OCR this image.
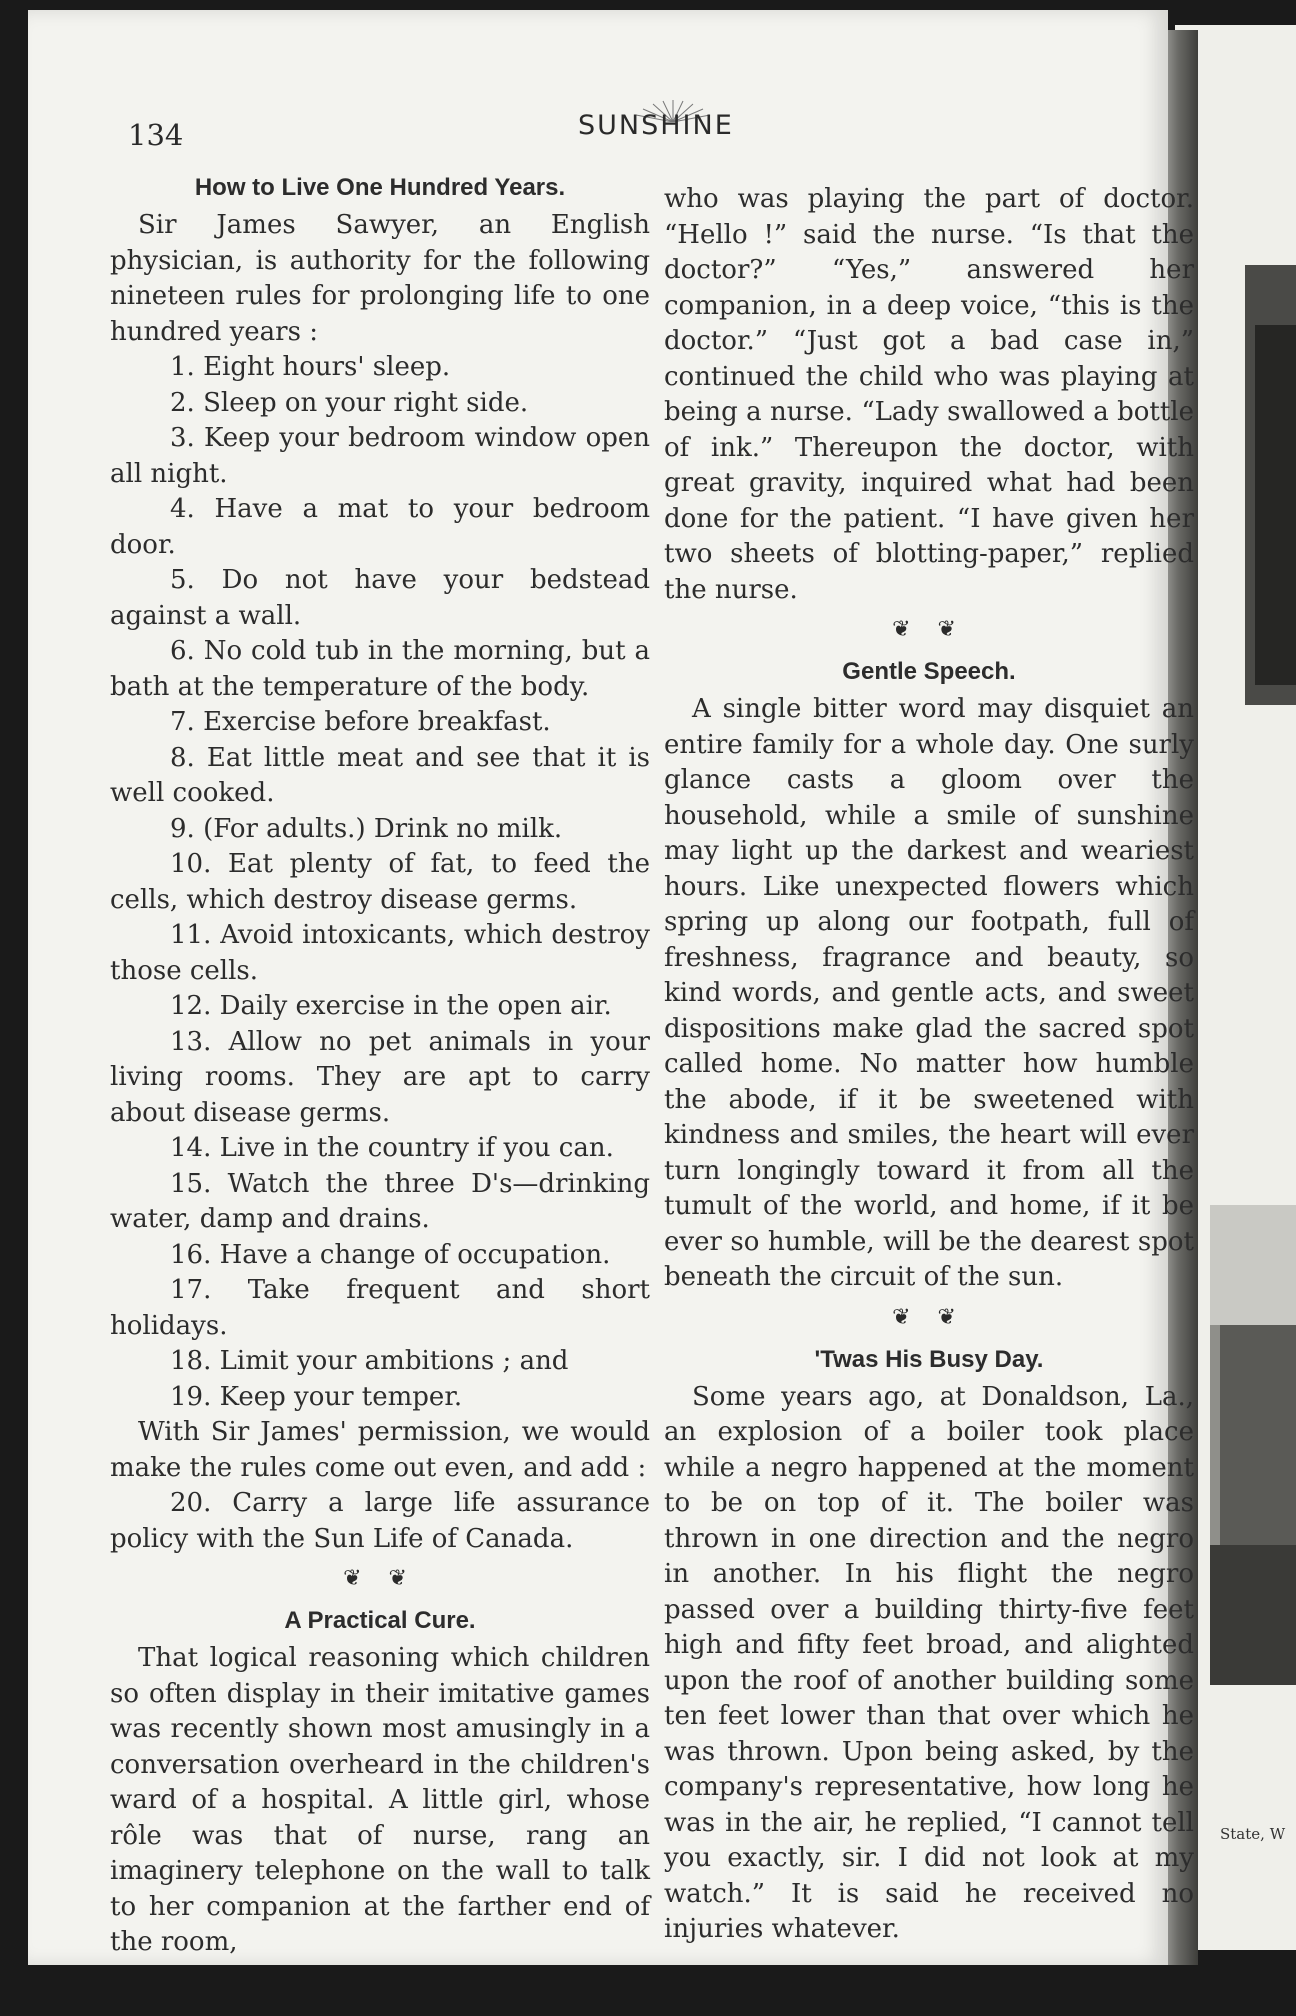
State, W
134	SUNSHINE
How to Live One Hundred Years.

Sir James Sawyer, an English physician, is authority for the following nineteen rules for prolonging life to one hundred years :

1. Eight hours' sleep.

2. Sleep on your right side.

3. Keep your bedroom window open all night.

4. Have a mat to your bedroom door.

5. Do not have your bedstead against a wall.

6. No cold tub in the morning, but a bath at the temperature of the body.

7. Exercise before breakfast.

8. Eat little meat and see that it is well cooked.

9. (For adults.) Drink no milk.

10. Eat plenty of fat, to feed the cells, which destroy disease germs.

11. Avoid intoxicants, which destroy those cells.

12. Daily exercise in the open air.

13. Allow no pet animals in your living rooms. They are apt to carry about disease germs.

14. Live in the country if you can.

15. Watch the three D's—drinking water, damp and drains.

16. Have a change of occupation.

17. Take frequent and short holidays.

18. Limit your ambitions ; and

19. Keep your temper.

With Sir James' permission, we would make the rules come out even, and add :

20. Carry a large life assurance policy with the Sun Life of Canada.

❦ ❦
A Practical Cure.

That logical reasoning which children so often display in their imitative games was recently shown most amusingly in a conversation overheard in the children's ward of a hospital. A little girl, whose rôle was that of nurse, rang an imaginery telephone on the wall to talk to her companion at the farther end of the room,

who was playing the part of doctor. “Hello !” said the nurse. “Is that the doctor?” “Yes,” answered her companion, in a deep voice, “this is the doctor.” “Just got a bad case in,” continued the child who was playing at being a nurse. “Lady swallowed a bottle of ink.” Thereupon the doctor, with great gravity, inquired what had been done for the patient. “I have given her two sheets of blotting-paper,” replied the nurse.

❦ ❦
Gentle Speech.

A single bitter word may disquiet an entire family for a whole day. One surly glance casts a gloom over the household, while a smile of sunshine may light up the darkest and weariest hours. Like unexpected flowers which spring up along our footpath, full of freshness, fragrance and beauty, so kind words, and gentle acts, and sweet dispositions make glad the sacred spot called home. No matter how humble the abode, if it be sweetened with kindness and smiles, the heart will ever turn longingly toward it from all the tumult of the world, and home, if it be ever so humble, will be the dearest spot beneath the circuit of the sun.

❦ ❦
'Twas His Busy Day.

Some years ago, at Donaldson, La., an explosion of a boiler took place while a negro happened at the moment to be on top of it. The boiler was thrown in one direction and the negro in another. In his flight the negro passed over a building thirty-five feet high and fifty feet broad, and alighted upon the roof of another building some ten feet lower than that over which he was thrown. Upon being asked, by the company's representative, how long he was in the air, he replied, “I cannot tell you exactly, sir. I did not look at my watch.” It is said he received no injuries whatever.
